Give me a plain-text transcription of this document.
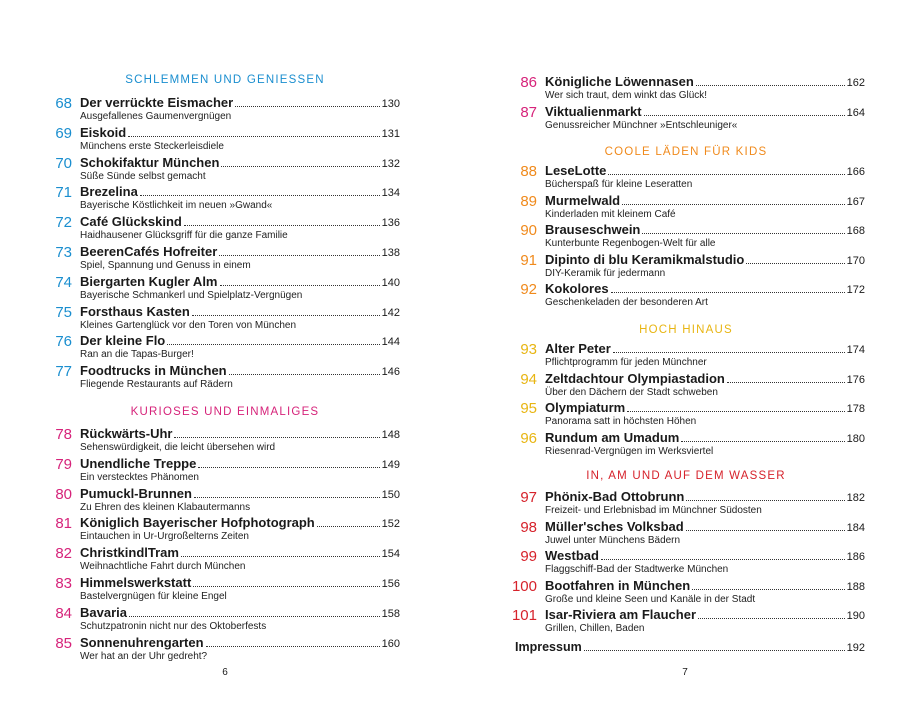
SCHLEMMEN UND GENIESSEN
68 Der verrückte Eismacher	130
Ausgefallenes Gaumenvergnügen
69 Eiskoid	131
Münchens erste Steckerleisdiele
70 Schokifaktur München	132
Süße Sünde selbst gemacht
71 Brezelina	134
Bayerische Köstlichkeit im neuen »Gwand«
72 Café Glückskind	136
Haidhausener Glücksgriff für die ganze Familie
73 BeerenCafés Hofreiter	138
Spiel, Spannung und Genuss in einem
74 Biergarten Kugler Alm	140
Bayerische Schmankerl und Spielplatz-Vergnügen
75 Forsthaus Kasten	142
Kleines Gartenglück vor den Toren von München
76 Der kleine Flo	144
Ran an die Tapas-Burger!
77 Foodtrucks in München	146
Fliegende Restaurants auf Rädern
KURIOSES UND EINMALIGES
78 Rückwärts-Uhr	148
Sehenswürdigkeit, die leicht übersehen wird
79 Unendliche Treppe	149
Ein verstecktes Phänomen
80 Pumuckl-Brunnen	150
Zu Ehren des kleinen Klabautermanns
81 Königlich Bayerischer Hofphotograph	152
Eintauchen in Ur-Urgroßelterns Zeiten
82 ChristkindlTram	154
Weihnachtliche Fahrt durch München
83 Himmelswerkstatt	156
Bastelvergnügen für kleine Engel
84 Bavaria	158
Schutzpatronin nicht nur des Oktoberfests
85 Sonnenuhrengarten	160
Wer hat an der Uhr gedreht?
6
86 Königliche Löwennasen	162
Wer sich traut, dem winkt das Glück!
87 Viktualienmarkt	164
Genussreicher Münchner »Entschleuniger«
COOLE LÄDEN FÜR KIDS
88 LeseLotte	166
Bücherspaß für kleine Leseratten
89 Murmelwald	167
Kinderladen mit kleinem Café
90 Brauseschwein	168
Kunterbunte Regenbogen-Welt für alle
91 Dipinto di blu Keramikmalstudio	170
DIY-Keramik für jedermann
92 Kokolores	172
Geschenkeladen der besonderen Art
HOCH HINAUS
93 Alter Peter	174
Pflichtprogramm für jeden Münchner
94 Zeltdachtour Olympiastadion	176
Über den Dächern der Stadt schweben
95 Olympiaturm	178
Panorama satt in höchsten Höhen
96 Rundum am Umadum	180
Riesenrad-Vergnügen im Werksviertel
IN, AM UND AUF DEM WASSER
97 Phönix-Bad Ottobrunn	182
Freizeit- und Erlebnisbad im Münchner Südosten
98 Müller'sches Volksbad	184
Juwel unter Münchens Bädern
99 Westbad	186
Flaggschiff-Bad der Stadtwerke München
100 Bootfahren in München	188
Große und kleine Seen und Kanäle in der Stadt
101 Isar-Riviera am Flaucher	190
Grillen, Chillen, Baden
Impressum	192
7
